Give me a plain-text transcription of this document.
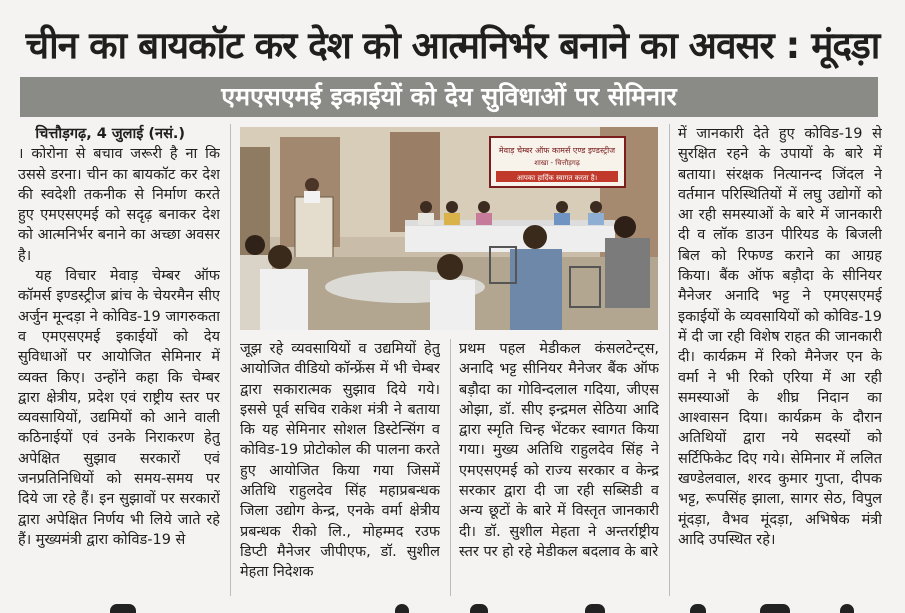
चीन का बायकॉट कर देश को आत्मनिर्भर बनाने का अवसर : मूंदड़ा
एमएसएमई इकाईयों को देय सुविधाओं पर सेमिनार

चित्तौड़गढ़, 4 जुलाई (नसं.)

। कोरोना से बचाव जरूरी है ना कि उससे डरना। चीन का बायकॉट कर देश की स्वदेशी तकनीक से निर्माण करते हुए एमएसएमई को सदृढ़ बनाकर देश को आत्मनिर्भर बनाने का अच्छा अवसर है।

यह विचार मेवाड़ चेम्बर ऑफ कॉमर्स इण्डस्ट्रीज ब्रांच के चेयरमैन सीए अर्जुन मून्दड़ा ने कोविड-19 जागरुकता व एमएसएमई इकाईयों को देय सुविधाओं पर आयोजित सेमिनार में व्यक्त किए। उन्होंने कहा कि चेम्बर द्वारा क्षेत्रीय, प्रदेश एवं राष्ट्रीय स्तर पर व्यवसायियों, उद्यमियों को आने वाली कठिनाईयों एवं उनके निराकरण हेतु अपेक्षित सुझाव सरकारों एवं जनप्रतिनिधियों को समय-समय पर दिये जा रहे हैं। इन सुझावों पर सरकारों द्वारा अपेक्षित निर्णय भी लिये जाते रहे हैं। मुख्यमंत्री द्वारा कोविड-19 से

मेवाड़ चेम्बर ऑफ कामर्स एण्ड इण्डस्ट्रीज
शाखा - चित्तौड़गढ़
आपका हार्दिक स्वागत करता है।
जूझ रहे व्यवसायियों व उद्यमियों हेतु आयोजित वीडियो कॉन्फ्रेंस में भी चेम्बर द्वारा सकारात्मक सुझाव दिये गये। इससे पूर्व सचिव राकेश मंत्री ने बताया कि यह सेमिनार सोशल डिस्टेन्सिंग व कोविड-19 प्रोटोकोल की पालना करते हुए आयोजित किया गया जिसमें अतिथि राहुलदेव सिंह महाप्रबन्धक जिला उद्योग केन्द्र, एनके वर्मा क्षेत्रीय प्रबन्धक रीको लि., मोहम्मद रउफ डिप्टी मैनेजर जीपीएफ, डॉ. सुशील मेहता निदेशक
प्रथम पहल मेडीकल कंसलटेन्ट्स, अनादि भट्ट सीनियर मैनेजर बैंक ऑफ बड़ौदा का गोविन्दलाल गदिया, जीएस ओझा, डॉ. सीए इन्द्रमल सेठिया आदि द्वारा स्मृति चिन्ह भेंटकर स्वागत किया गया। मुख्य अतिथि राहुलदेव सिंह ने एमएसएमई को राज्य सरकार व केन्द्र सरकार द्वारा दी जा रही सब्सिडी व अन्य छूटों के बारे में विस्तृत जानकारी दी। डॉ. सुशील मेहता ने अन्तर्राष्ट्रीय स्तर पर हो रहे मेडीकल बदलाव के बारे
में जानकारी देते हुए कोविड-19 से सुरक्षित रहने के उपायों के बारे में बताया। संरक्षक नित्यानन्द जिंदल ने वर्तमान परिस्थितियों में लघु उद्योगों को आ रही समस्याओं के बारे में जानकारी दी व लॉक डाउन पीरियड के बिजली बिल को रिफण्ड कराने का आग्रह किया। बैंक ऑफ बड़ौदा के सीनियर मैनेजर अनादि भट्ट ने एमएसएमई इकाईयों के व्यवसायियों को कोविड-19 में दी जा रही विशेष राहत की जानकारी दी। कार्यक्रम में रिको मैनेजर एन के वर्मा ने भी रिको एरिया में आ रही समस्याओं के शीघ्र निदान का आश्वासन दिया। कार्यक्रम के दौरान अतिथियों द्वारा नये सदस्यों को सर्टिफिकेट दिए गये। सेमिनार में ललित खण्डेलवाल, शरद कुमार गुप्ता, दीपक भट्ट, रूपसिंह झाला, सागर सेठ, विपुल मूंदड़ा, वैभव मूंदड़ा, अभिषेक मंत्री आदि उपस्थित रहे।
